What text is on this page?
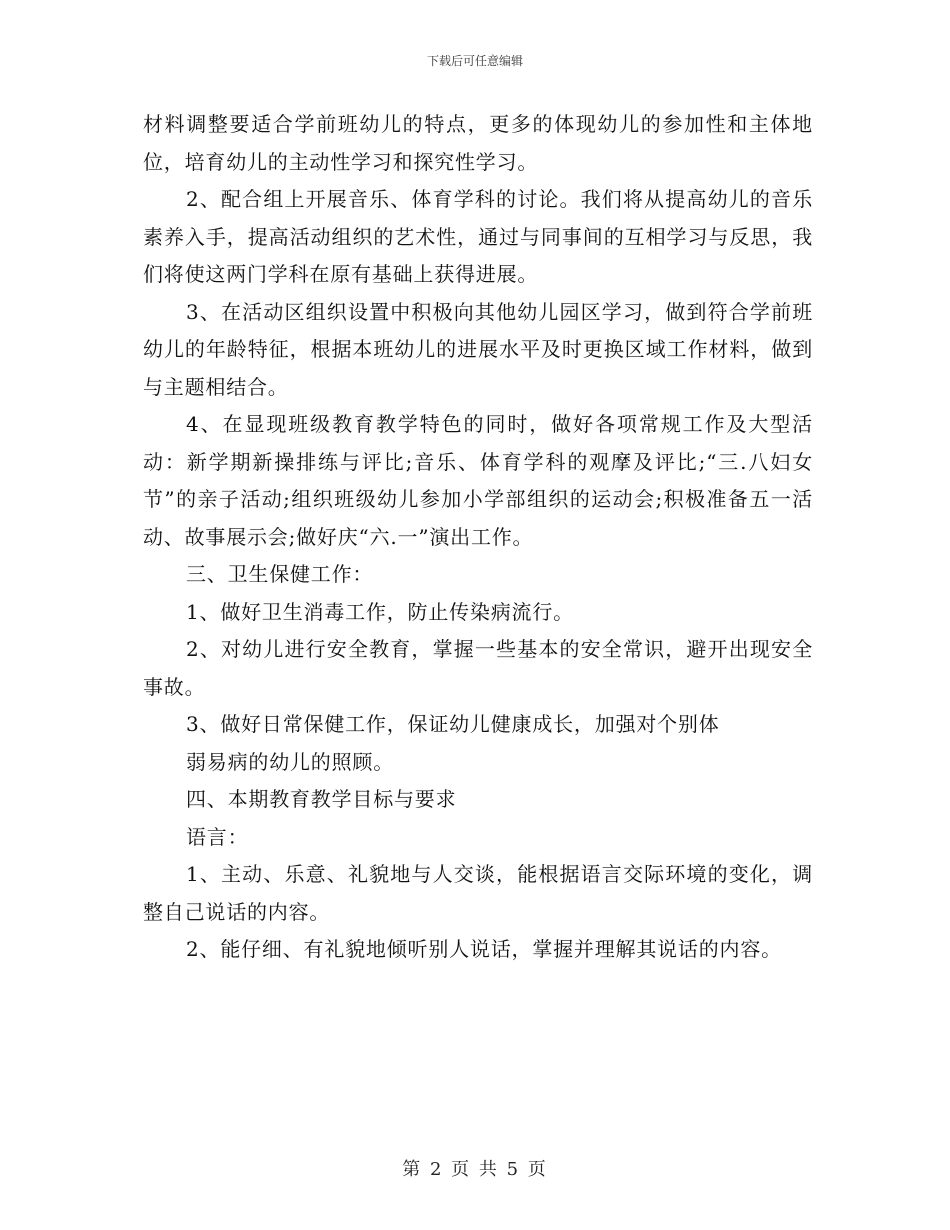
下载后可任意编辑

材料调整要适合学前班幼儿的特点，更多的体现幼儿的参加性和主体地位，培育幼儿的主动性学习和探究性学习。

2、配合组上开展音乐、体育学科的讨论。我们将从提高幼儿的音乐素养入手，提高活动组织的艺术性，通过与同事间的互相学习与反思，我们将使这两门学科在原有基础上获得进展。

3、在活动区组织设置中积极向其他幼儿园区学习，做到符合学前班幼儿的年龄特征，根据本班幼儿的进展水平及时更换区域工作材料，做到与主题相结合。

4、在显现班级教育教学特色的同时，做好各项常规工作及大型活动：新学期新操排练与评比;音乐、体育学科的观摩及评比;“三.八妇女节”的亲子活动;组织班级幼儿参加小学部组织的运动会;积极准备五一活动、故事展示会;做好庆“六.一”演出工作。

三、卫生保健工作：

1、做好卫生消毒工作，防止传染病流行。

2、对幼儿进行安全教育，掌握一些基本的安全常识，避开出现安全事故。

3、做好日常保健工作，保证幼儿健康成长，加强对个别体

弱易病的幼儿的照顾。

四、本期教育教学目标与要求

语言：

1、主动、乐意、礼貌地与人交谈，能根据语言交际环境的变化，调整自己说话的内容。

2、能仔细、有礼貌地倾听别人说话，掌握并理解其说话的内容。

第 2 页 共 5 页
